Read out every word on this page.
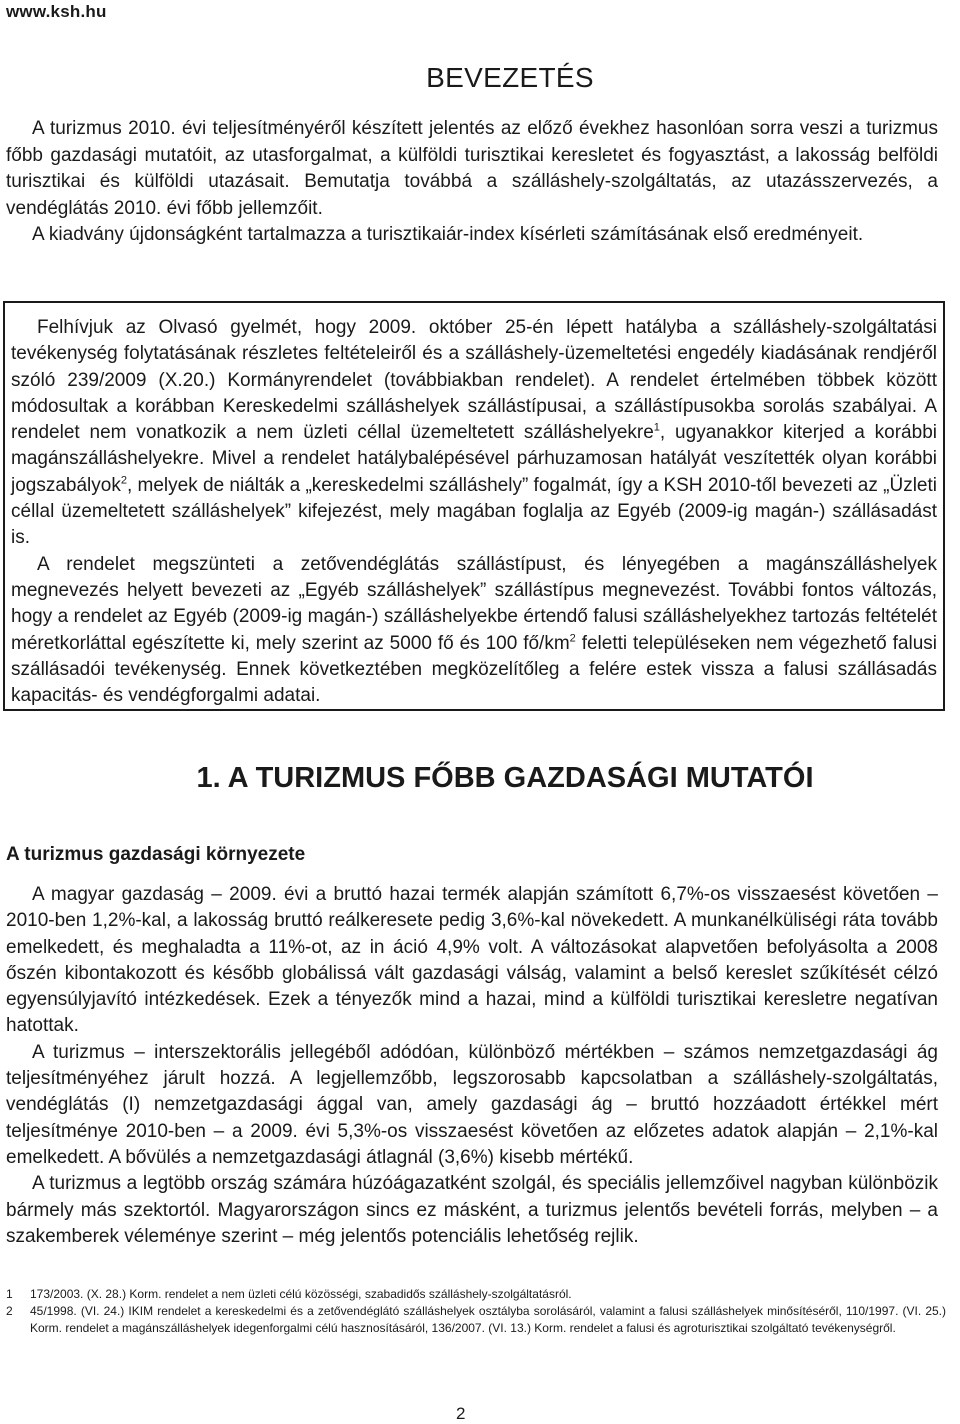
www.ksh.hu
BEVEZETÉS

A turizmus 2010. évi teljesítményéről készített jelentés az előző évekhez hasonlóan sorra veszi a turizmus főbb gazdasági mutatóit, az utasforgalmat, a külföldi turisztikai keresletet és fogyasztást, a lakosság belföldi turisztikai és külföldi utazásait. Bemutatja továbbá a szálláshely-szolgáltatás, az utazásszervezés, a vendéglátás 2010. évi főbb jellemzőit.

A kiadvány újdonságként tartalmazza a turisztikaiár-index kísérleti számításának első eredményeit.

Felhívjuk az Olvasó gyelmét, hogy 2009. október 25-én lépett hatályba a szálláshely-szolgáltatási tevékenység folytatásának részletes feltételeiről és a szálláshely-üzemeltetési engedély kiadásának rendjéről szóló 239/2009 (X.20.) Kormányrendelet (továbbiakban rendelet). A rendelet értelmében többek között módosultak a korábban Kereskedelmi szálláshelyek szállástípusai, a szállástípusokba sorolás szabályai. A rendelet nem vonatkozik a nem üzleti céllal üzemeltetett szálláshelyekre$^1$, ugyanakkor kiterjed a korábbi magánszálláshelyekre. Mivel a rendelet hatálybalépésével párhuzamosan hatályát veszítették olyan korábbi jogszabályok$^2$, melyek de niálták a „kereskedelmi szálláshely” fogalmát, így a KSH 2010-től bevezeti az „Üzleti céllal üzemeltetett szálláshelyek” kifejezést, mely magában foglalja az Egyéb (2009-ig magán-) szállásadást is.

A rendelet megszünteti a zetővendéglátás szállástípust, és lényegében a magánszálláshelyek megnevezés helyett bevezeti az „Egyéb szálláshelyek” szállástípus megnevezést. További fontos változás, hogy a rendelet az Egyéb (2009-ig magán-) szálláshelyekbe értendő falusi szálláshelyekhez tartozás feltételét méretkorláttal egészítette ki, mely szerint az 5000 fő és 100 $fő/km^2$ feletti településeken nem végezhető falusi szállásadói tevékenység. Ennek következtében megközelítőleg a felére estek vissza a falusi szállásadás kapacitás- és vendégforgalmi adatai.

1. A TURIZMUS FŐBB GAZDASÁGI MUTATÓI
A turizmus gazdasági környezete

A magyar gazdaság – 2009. évi a bruttó hazai termék alapján számított 6,7%-os visszaesést követően – 2010-ben 1,2%-kal, a lakosság bruttó reálkeresete pedig 3,6%-kal növekedett. A munkanélküliségi ráta tovább emelkedett, és meghaladta a 11%-ot, az in áció 4,9% volt. A változásokat alapvetően befolyásolta a 2008 őszén kibontakozott és később globálissá vált gazdasági válság, valamint a belső kereslet szűkítését célzó egyensúlyjavító intézkedések. Ezek a tényezők mind a hazai, mind a külföldi turisztikai keresletre negatívan hatottak.

A turizmus – interszektorális jellegéből adódóan, különböző mértékben – számos nemzetgazdasági ág teljesítményéhez járult hozzá. A legjellemzőbb, legszorosabb kapcsolatban a szálláshely-szolgáltatás, vendéglátás (I) nemzetgazdasági ággal van, amely gazdasági ág – bruttó hozzáadott értékkel mért teljesítménye 2010-ben – a 2009. évi 5,3%-os visszaesést követően az előzetes adatok alapján – 2,1%-kal emelkedett. A bővülés a nemzetgazdasági átlagnál (3,6%) kisebb mértékű.

A turizmus a legtöbb ország számára húzóágazatként szolgál, és speciális jellemzőivel nagyban különbözik bármely más szektortól. Magyarországon sincs ez másként, a turizmus jelentős bevételi forrás, melyben – a szakemberek véleménye szerint – még jelentős potenciális lehetőség rejlik.

1 173/2003. (X. 28.) Korm. rendelet a nem üzleti célú közösségi, szabadidős szálláshely-szolgáltatásról.
2 45/1998. (VI. 24.) IKIM rendelet a kereskedelmi és a zetővendéglátó szálláshelyek osztályba sorolásáról, valamint a falusi szálláshelyek minősítéséről, 110/1997. (VI. 25.) Korm. rendelet a magánszálláshelyek idegenforgalmi célú hasznosításáról, 136/2007. (VI. 13.) Korm. rendelet a falusi és agroturisztikai szolgáltató tevékenységről.
2
